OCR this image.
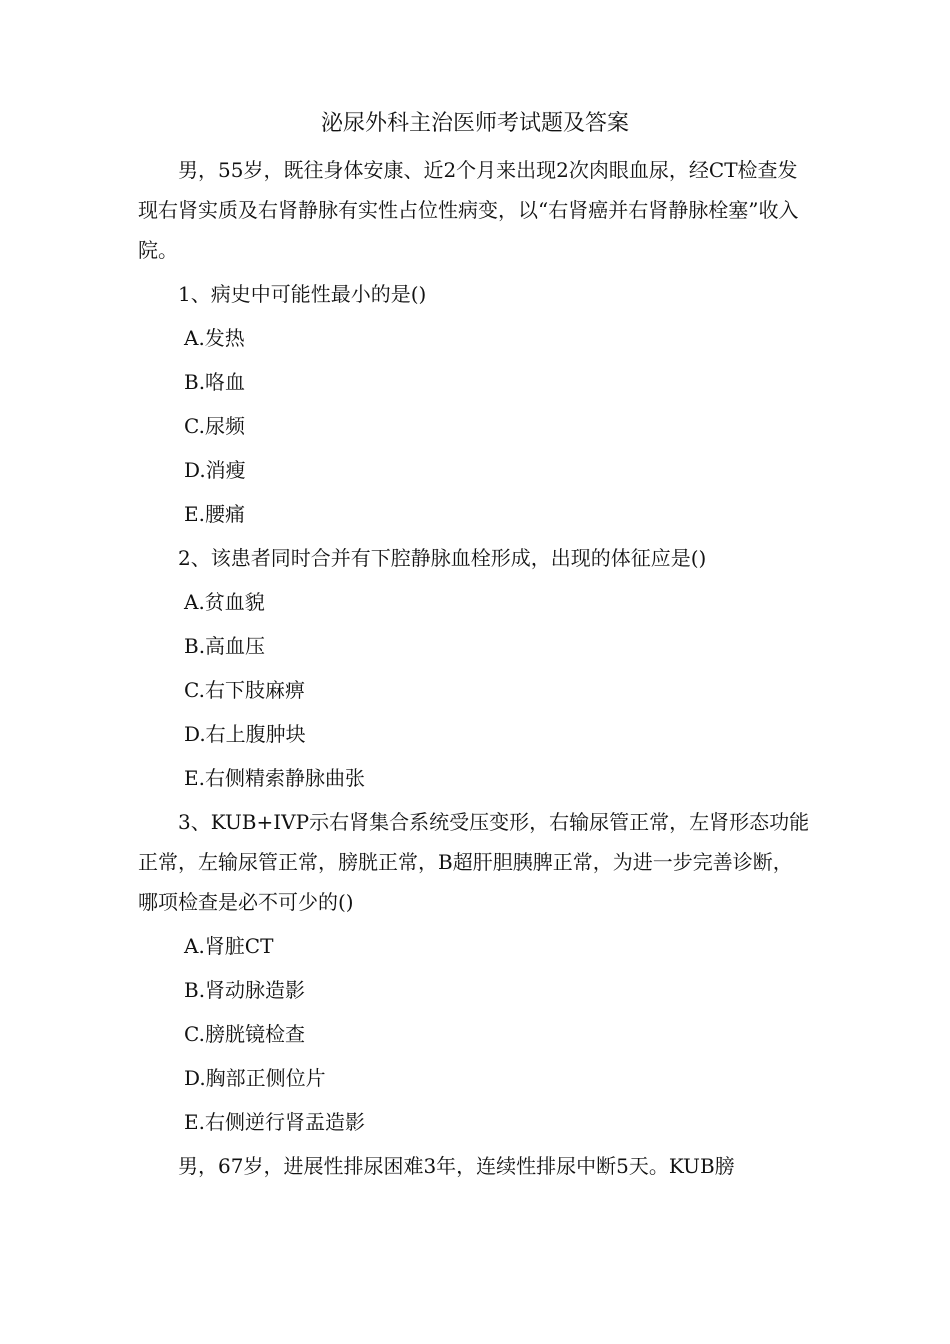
泌尿外科主治医师考试题及答案

男，55岁，既往身体安康、近2个月来出现2次肉眼血尿，经CT检查发现右肾实质及右肾静脉有实性占位性病变，以“右肾癌并右肾静脉栓塞”收入院。

1、病史中可能性最小的是()

A.发热

B.咯血

C.尿频

D.消瘦

E.腰痛

2、该患者同时合并有下腔静脉血栓形成，出现的体征应是()

A.贫血貌

B.高血压

C.右下肢麻痹

D.右上腹肿块

E.右侧精索静脉曲张

3、KUB+IVP示右肾集合系统受压变形，右输尿管正常，左肾形态功能正常，左输尿管正常，膀胱正常，B超肝胆胰脾正常，为进一步完善诊断，哪项检查是必不可少的()

A.肾脏CT

B.肾动脉造影

C.膀胱镜检查

D.胸部正侧位片

E.右侧逆行肾盂造影

男，67岁，进展性排尿困难3年，连续性排尿中断5天。KUB膀
